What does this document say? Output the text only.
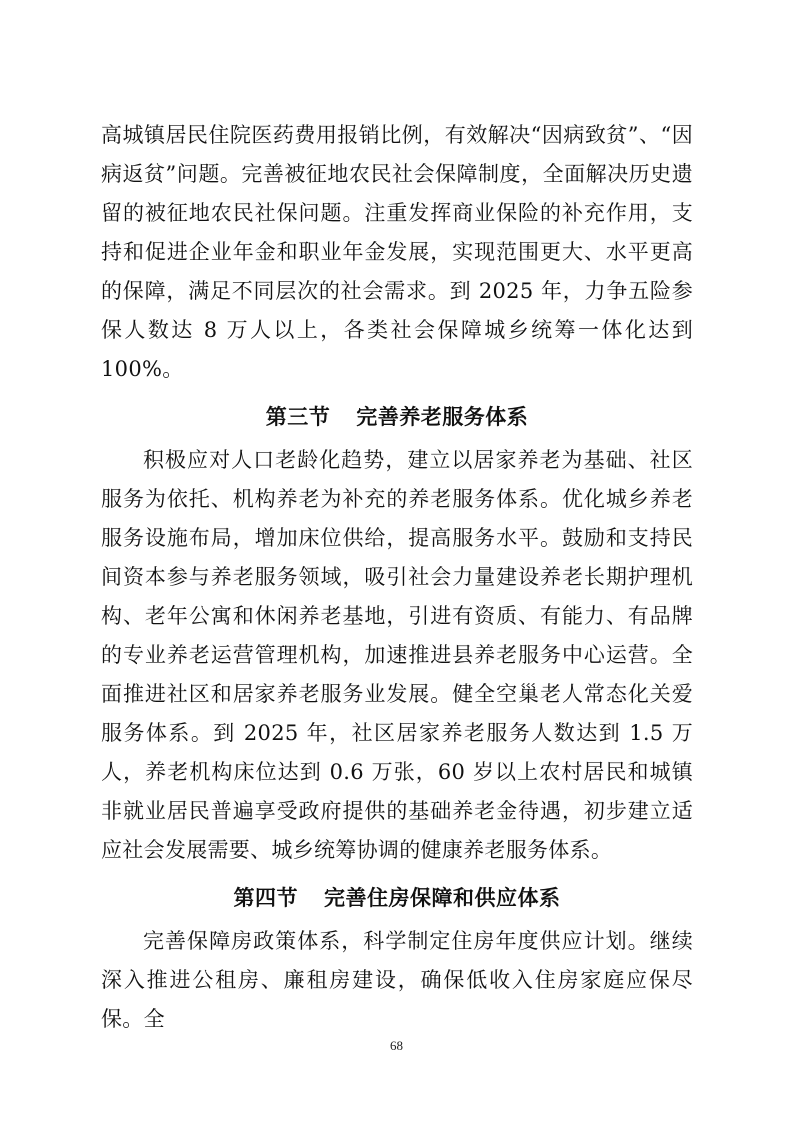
高城镇居民住院医药费用报销比例，有效解决“因病致贫”、“因病返贫”问题。完善被征地农民社会保障制度，全面解决历史遗留的被征地农民社保问题。注重发挥商业保险的补充作用，支持和促进企业年金和职业年金发展，实现范围更大、水平更高的保障，满足不同层次的社会需求。到 2025 年，力争五险参保人数达 8 万人以上，各类社会保障城乡统筹一体化达到 100%。

第三节 完善养老服务体系

积极应对人口老龄化趋势，建立以居家养老为基础、社区服务为依托、机构养老为补充的养老服务体系。优化城乡养老服务设施布局，增加床位供给，提高服务水平。鼓励和支持民间资本参与养老服务领域，吸引社会力量建设养老长期护理机构、老年公寓和休闲养老基地，引进有资质、有能力、有品牌的专业养老运营管理机构，加速推进县养老服务中心运营。全面推进社区和居家养老服务业发展。健全空巢老人常态化关爱服务体系。到 2025 年，社区居家养老服务人数达到 1.5 万人，养老机构床位达到 0.6 万张，60 岁以上农村居民和城镇非就业居民普遍享受政府提供的基础养老金待遇，初步建立适应社会发展需要、城乡统筹协调的健康养老服务体系。

第四节 完善住房保障和供应体系

完善保障房政策体系，科学制定住房年度供应计划。继续深入推进公租房、廉租房建设，确保低收入住房家庭应保尽保。全

68
